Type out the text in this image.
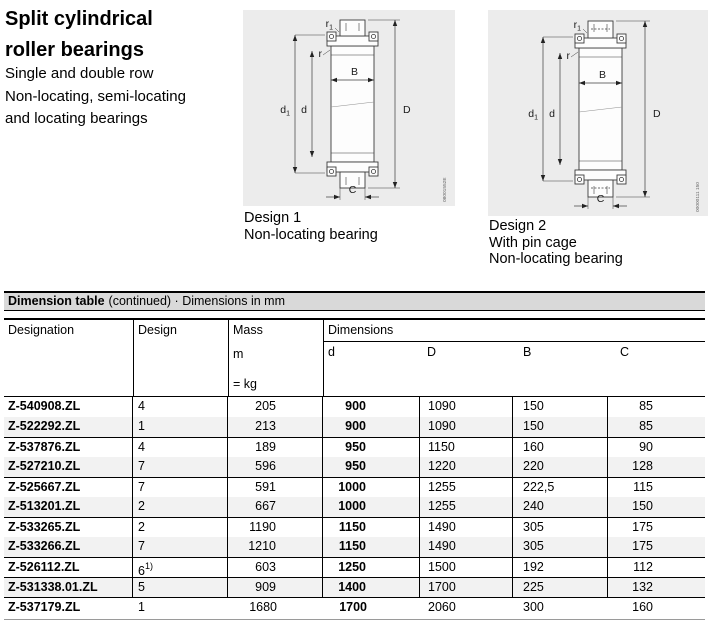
Split cylindrical
roller bearings
Single and double row
Non-locating, semi-locating
and locating bearings	D
$d_1$ d
B
$r_1$
r
C	08001552E
D
$d_1$ d
B
$r_1$
r
C	00000111 150
Design 1
Non-locating bearing
Design 2
With pin cage
Non-locating bearing
Dimension table (continued) · Dimensions in mm
Designation	Design	Mass
m
= kg
Dimensions
d	D	B	C
Z-540908.ZL	4	205	900	1090	150	85
Z-522292.ZL	1	213	900	1090	150	85
Z-537876.ZL	4	189	950	1150	160	90
Z-527210.ZL	7	596	950	1220	220	128
Z-525667.ZL	7	591	1000	1255	222,5	115
Z-513201.ZL	2	667	1000	1255	240	150
Z-533265.ZL	2	1190	1150	1490	305	175
Z-533266.ZL	7	1210	1150	1490	305	175
Z-526112.ZL	6$^{1)}$	603	1250	1500	192	112
Z-531338.01.ZL	5	909	1400	1700	225	132
Z-537179.ZL	1	1680	1700	2060	300	160
